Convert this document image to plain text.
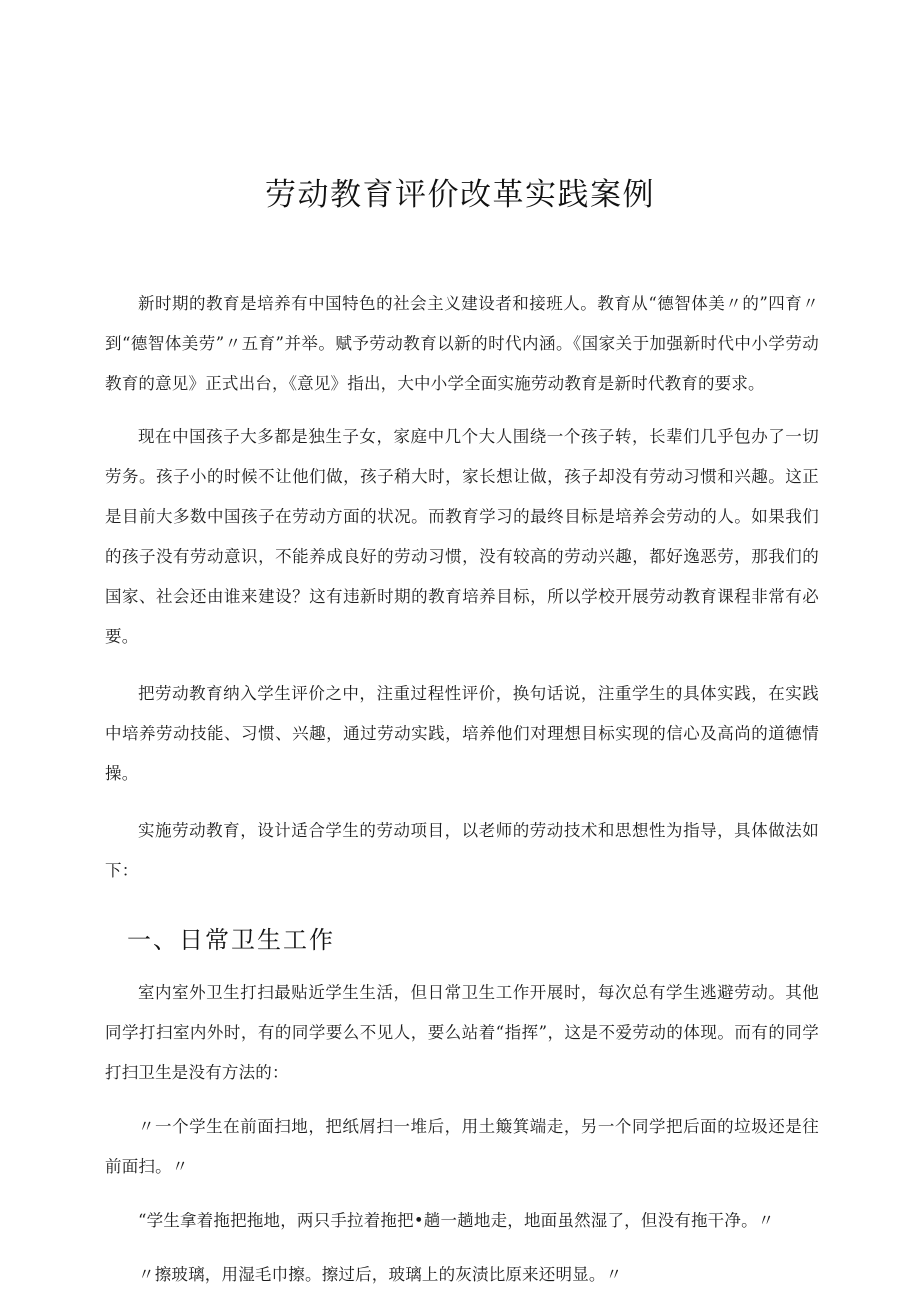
劳动教育评价改革实践案例

新时期的教育是培养有中国特色的社会主义建设者和接班人。教育从“德智体美〃的”四育〃到“德智体美劳”〃五育”并举。赋予劳动教育以新的时代内涵。《国家关于加强新时代中小学劳动教育的意见》正式出台，《意见》指出，大中小学全面实施劳动教育是新时代教育的要求。

现在中国孩子大多都是独生子女，家庭中几个大人围绕一个孩子转，长辈们几乎包办了一切劳务。孩子小的时候不让他们做，孩子稍大时，家长想让做，孩子却没有劳动习惯和兴趣。这正是目前大多数中国孩子在劳动方面的状况。而教育学习的最终目标是培养会劳动的人。如果我们的孩子没有劳动意识，不能养成良好的劳动习惯，没有较高的劳动兴趣，都好逸恶劳，那我们的国家、社会还由谁来建设？这有违新时期的教育培养目标，所以学校开展劳动教育课程非常有必要。

把劳动教育纳入学生评价之中，注重过程性评价，换句话说，注重学生的具体实践，在实践中培养劳动技能、习惯、兴趣，通过劳动实践，培养他们对理想目标实现的信心及高尚的道德情操。

实施劳动教育，设计适合学生的劳动项目，以老师的劳动技术和思想性为指导，具体做法如下：

一、日常卫生工作

室内室外卫生打扫最贴近学生生活，但日常卫生工作开展时，每次总有学生逃避劳动。其他同学打扫室内外时，有的同学要么不见人，要么站着“指挥”，这是不爱劳动的体现。而有的同学打扫卫生是没有方法的：

〃一个学生在前面扫地，把纸屑扫一堆后，用土簸箕端走，另一个同学把后面的垃圾还是往前面扫。〃

“学生拿着拖把拖地，两只手拉着拖把•趟一趟地走，地面虽然湿了，但没有拖干净。〃

〃擦玻璃，用湿毛巾擦。擦过后，玻璃上的灰渍比原来还明显。〃
